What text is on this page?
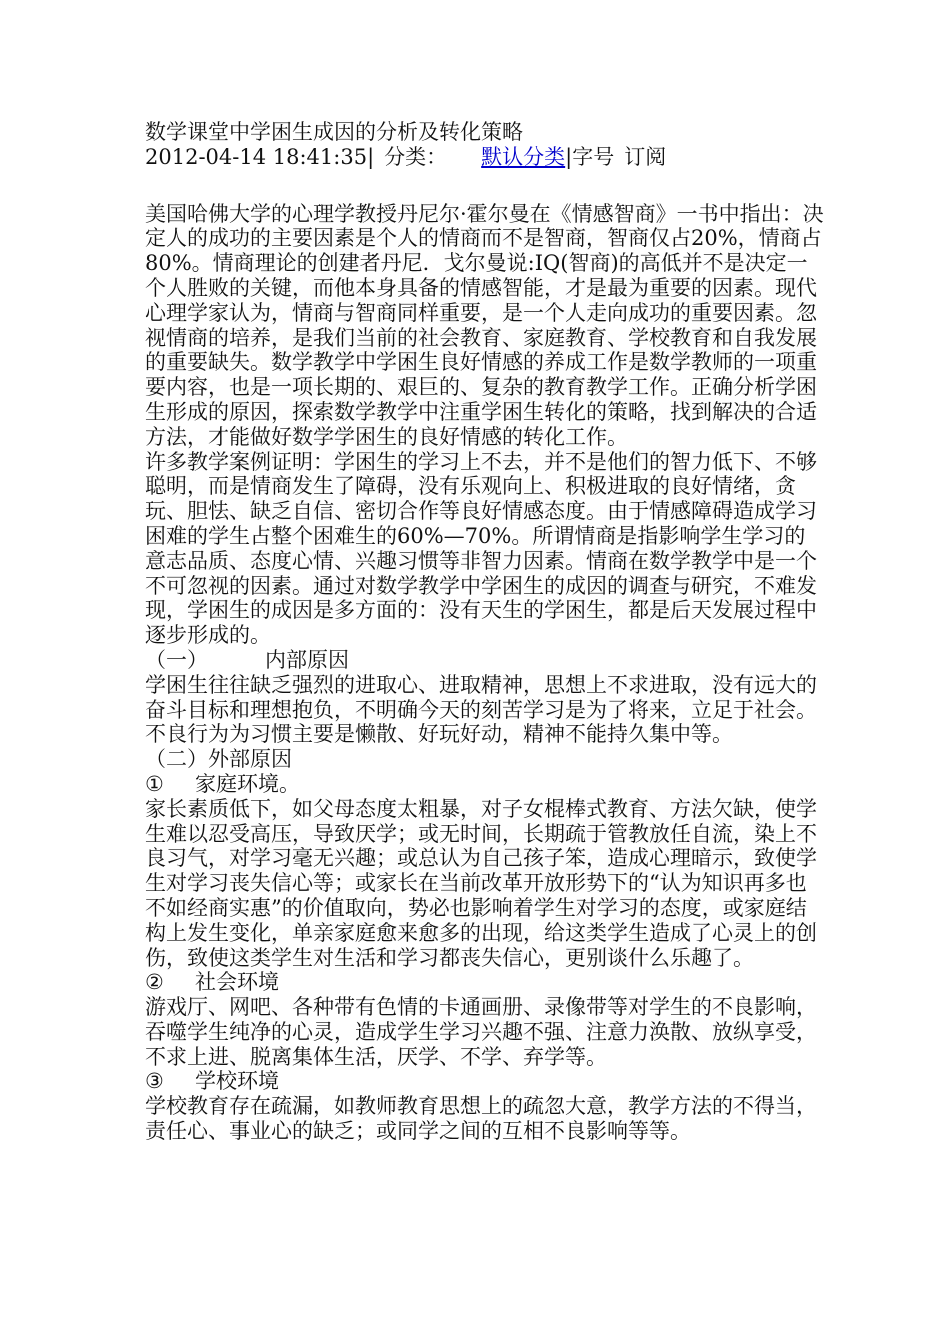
数学课堂中学困生成因的分析及转化策略

2012-04-14 18:41:35| 分类： 默认分类|字号 订阅

美国哈佛大学的心理学教授丹尼尔·霍尔曼在《情感智商》一书中指出：决定人的成功的主要因素是个人的情商而不是智商，智商仅占20%，情商占80%。情商理论的创建者丹尼．戈尔曼说:IQ(智商)的高低并不是决定一个人胜败的关键，而他本身具备的情感智能，才是最为重要的因素。现代心理学家认为，情商与智商同样重要，是一个人走向成功的重要因素。忽视情商的培养，是我们当前的社会教育、家庭教育、学校教育和自我发展的重要缺失。数学教学中学困生良好情感的养成工作是数学教师的一项重要内容，也是一项长期的、艰巨的、复杂的教育教学工作。正确分析学困生形成的原因，探索数学教学中注重学困生转化的策略，找到解决的合适方法，才能做好数学学困生的良好情感的转化工作。

许多教学案例证明：学困生的学习上不去，并不是他们的智力低下、不够聪明，而是情商发生了障碍，没有乐观向上、积极进取的良好情绪，贪玩、胆怯、缺乏自信、密切合作等良好情感态度。由于情感障碍造成学习困难的学生占整个困难生的60%—70%。所谓情商是指影响学生学习的意志品质、态度心情、兴趣习惯等非智力因素。情商在数学教学中是一个不可忽视的因素。通过对数学教学中学困生的成因的调查与研究，不难发现，学困生的成因是多方面的：没有天生的学困生，都是后天发展过程中逐步形成的。

（一）	内部原因

学困生往往缺乏强烈的进取心、进取精神，思想上不求进取，没有远大的奋斗目标和理想抱负，不明确今天的刻苦学习是为了将来，立足于社会。不良行为为习惯主要是懒散、好玩好动，精神不能持久集中等。

（二）外部原因

① 家庭环境。

家长素质低下，如父母态度太粗暴，对子女棍棒式教育、方法欠缺，使学生难以忍受高压，导致厌学；或无时间，长期疏于管教放任自流，染上不良习气，对学习毫无兴趣；或总认为自己孩子笨，造成心理暗示，致使学生对学习丧失信心等；或家长在当前改革开放形势下的“认为知识再多也不如经商实惠”的价值取向，势必也影响着学生对学习的态度，或家庭结构上发生变化，单亲家庭愈来愈多的出现，给这类学生造成了心灵上的创伤，致使这类学生对生活和学习都丧失信心，更别谈什么乐趣了。

② 社会环境

游戏厅、网吧、各种带有色情的卡通画册、录像带等对学生的不良影响，吞噬学生纯净的心灵，造成学生学习兴趣不强、注意力涣散、放纵享受，不求上进、脱离集体生活，厌学、不学、弃学等。

③ 学校环境

学校教育存在疏漏，如教师教育思想上的疏忽大意，教学方法的不得当，责任心、事业心的缺乏；或同学之间的互相不良影响等等。
